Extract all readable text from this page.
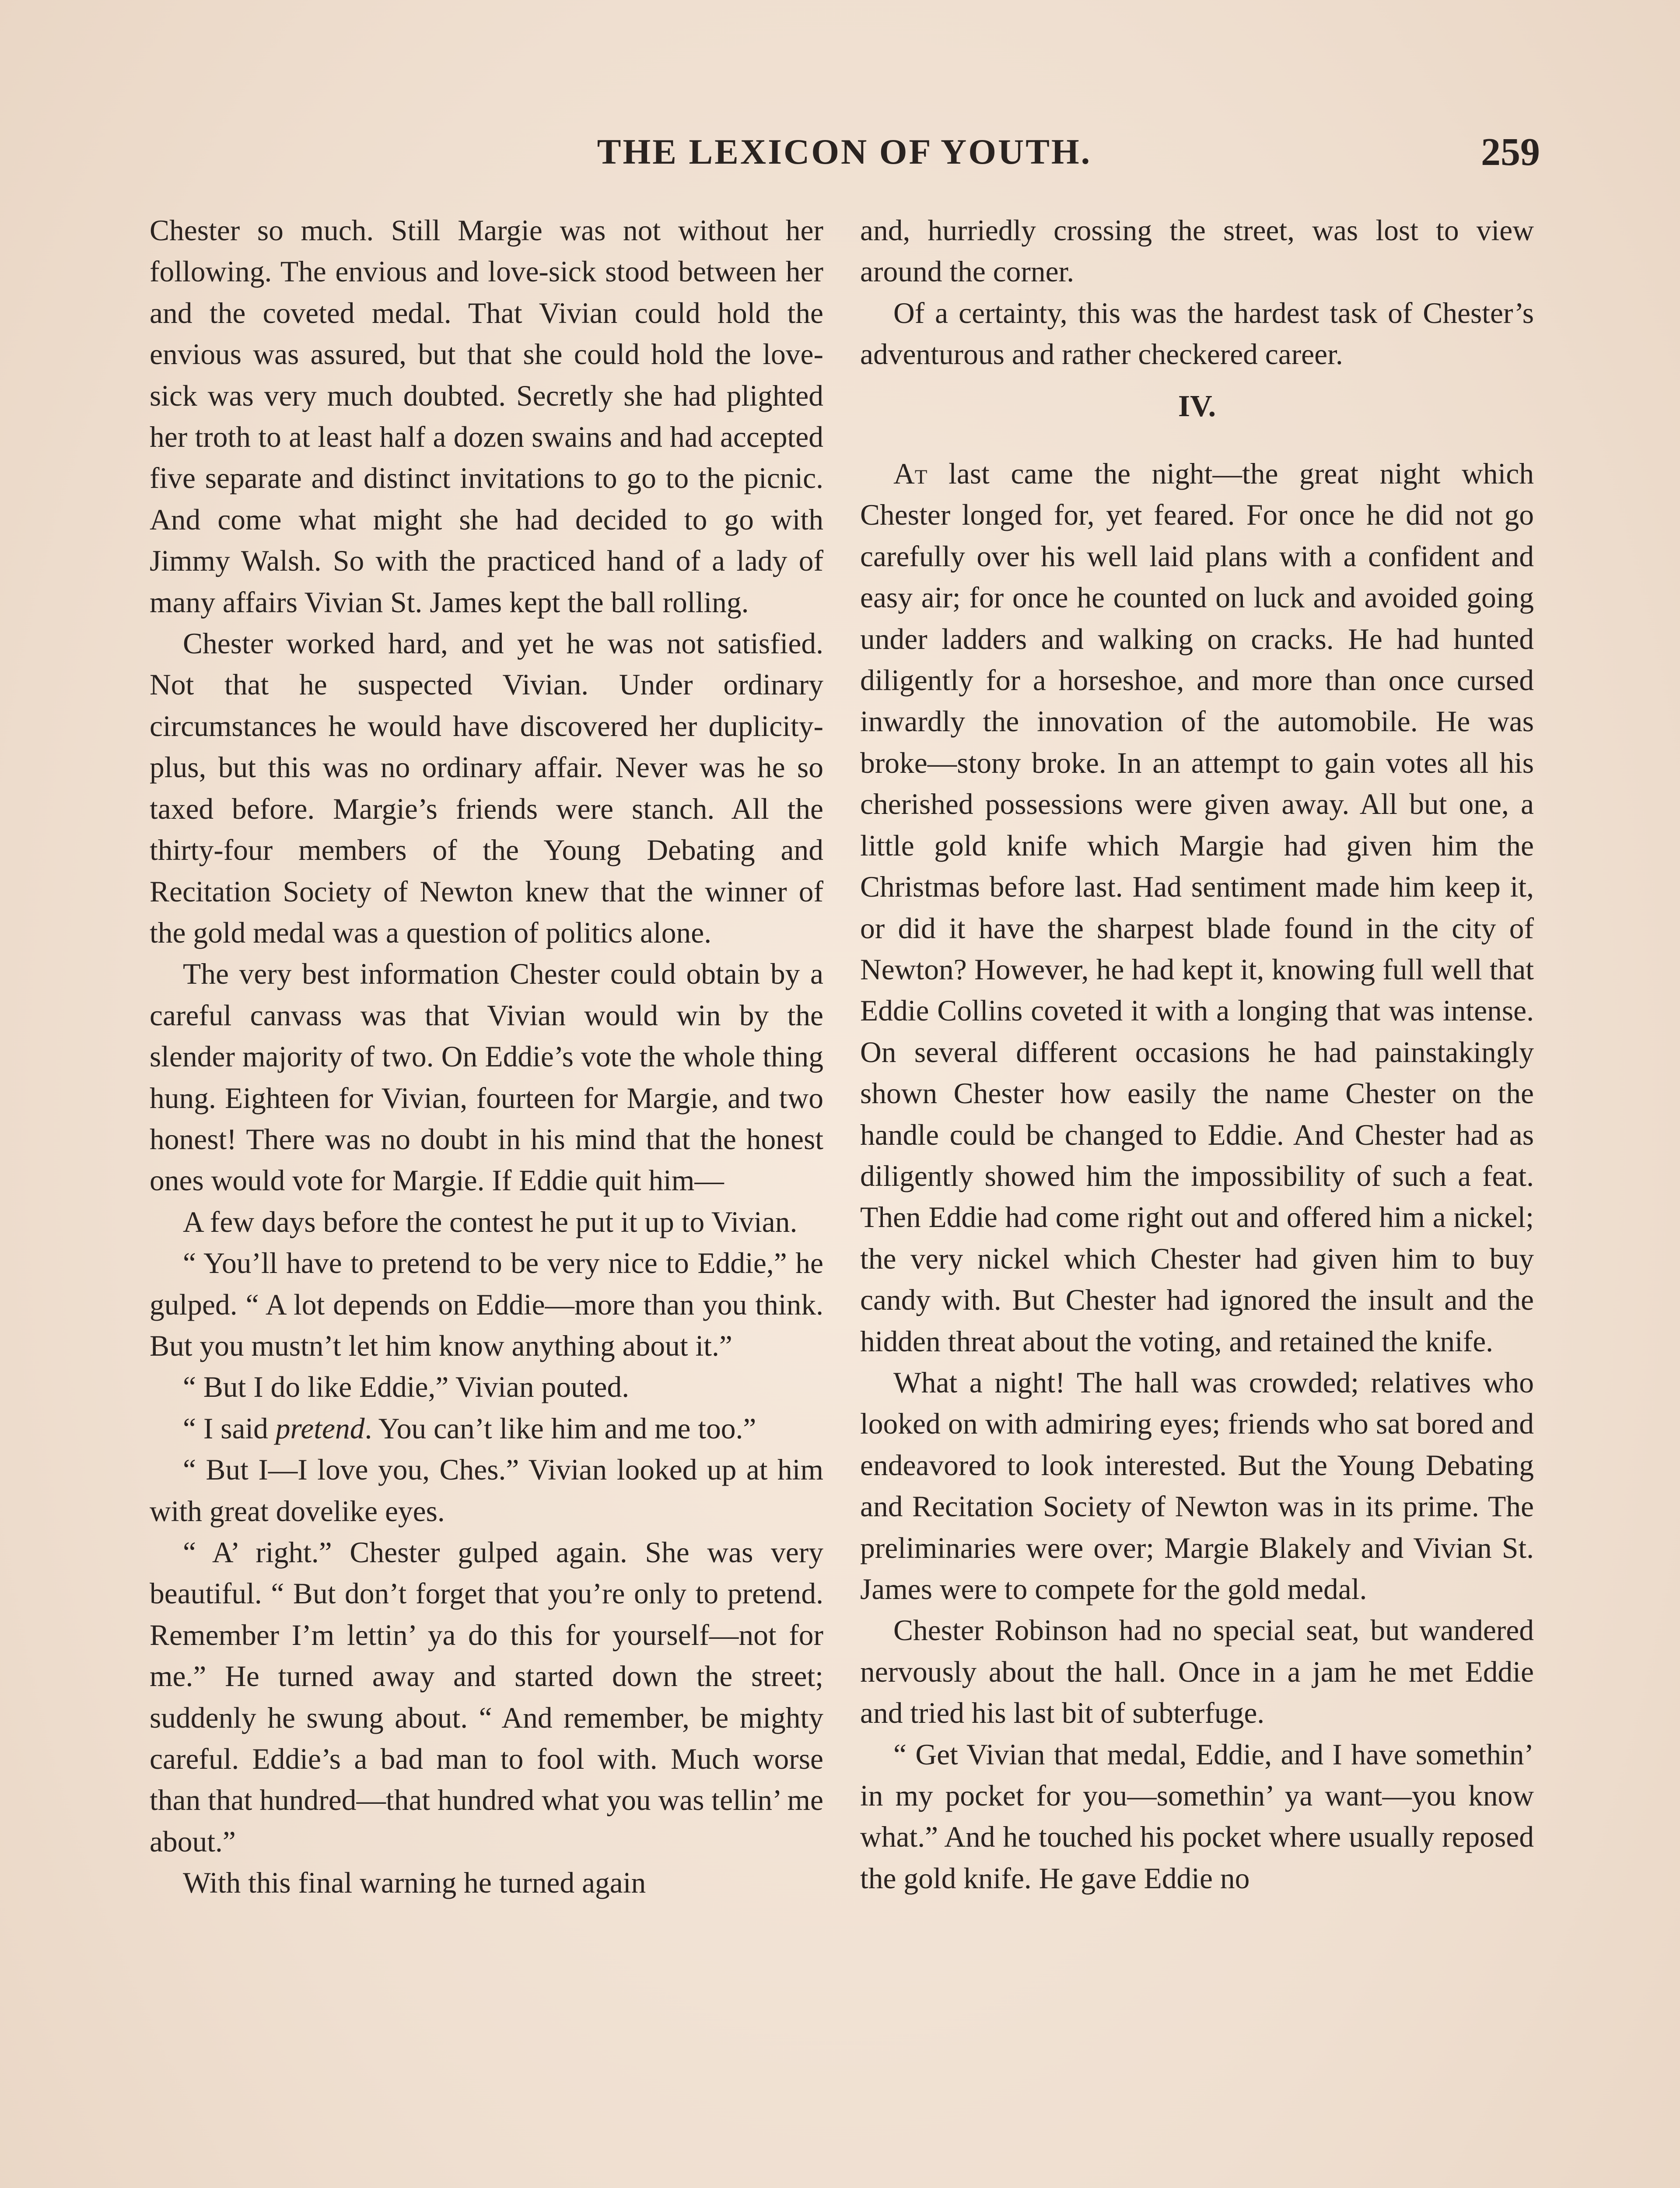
THE LEXICON OF YOUTH.	259

Chester so much. Still Margie was not without her following. The envious and love-sick stood between her and the coveted medal. That Vivian could hold the envious was assured, but that she could hold the love-sick was very much doubted. Secretly she had plighted her troth to at least half a dozen swains and had accepted five separate and distinct invitations to go to the picnic. And come what might she had decided to go with Jimmy Walsh. So with the practiced hand of a lady of many affairs Vivian St. James kept the ball rolling.

Chester worked hard, and yet he was not satisfied. Not that he suspected Vivian. Under ordinary circumstances he would have discovered her duplicity-plus, but this was no ordinary affair. Never was he so taxed before. Margie’s friends were stanch. All the thirty-four members of the Young Debating and Recitation Society of Newton knew that the winner of the gold medal was a question of politics alone.

The very best information Chester could obtain by a careful canvass was that Vivian would win by the slender majority of two. On Eddie’s vote the whole thing hung. Eighteen for Vivian, fourteen for Margie, and two honest! There was no doubt in his mind that the honest ones would vote for Margie. If Eddie quit him—

A few days before the contest he put it up to Vivian.

“ You’ll have to pretend to be very nice to Eddie,” he gulped. “ A lot depends on Eddie—more than you think. But you mustn’t let him know anything about it.”

“ But I do like Eddie,” Vivian pouted.

“ I said pretend. You can’t like him and me too.”

“ But I—I love you, Ches.” Vivian looked up at him with great dovelike eyes.

“ A’ right.” Chester gulped again. She was very beautiful. “ But don’t forget that you’re only to pretend. Remember I’m lettin’ ya do this for yourself—not for me.” He turned away and started down the street; suddenly he swung about. “ And remember, be mighty careful. Eddie’s a bad man to fool with. Much worse than that hundred—that hundred what you was tellin’ me about.”

With this final warning he turned again

and, hurriedly crossing the street, was lost to view around the corner.

Of a certainty, this was the hardest task of Chester’s adventurous and rather checkered career.

IV.

At last came the night—the great night which Chester longed for, yet feared. For once he did not go carefully over his well laid plans with a confident and easy air; for once he counted on luck and avoided going under ladders and walking on cracks. He had hunted diligently for a horseshoe, and more than once cursed inwardly the innovation of the automobile. He was broke—stony broke. In an attempt to gain votes all his cherished possessions were given away. All but one, a little gold knife which Margie had given him the Christmas before last. Had sentiment made him keep it, or did it have the sharpest blade found in the city of Newton? However, he had kept it, knowing full well that Eddie Collins coveted it with a longing that was intense. On several different occasions he had painstakingly shown Chester how easily the name Chester on the handle could be changed to Eddie. And Chester had as diligently showed him the impossibility of such a feat. Then Eddie had come right out and offered him a nickel; the very nickel which Chester had given him to buy candy with. But Chester had ignored the insult and the hidden threat about the voting, and retained the knife.

What a night! The hall was crowded; relatives who looked on with admiring eyes; friends who sat bored and endeavored to look interested. But the Young Debating and Recitation Society of Newton was in its prime. The preliminaries were over; Margie Blakely and Vivian St. James were to compete for the gold medal.

Chester Robinson had no special seat, but wandered nervously about the hall. Once in a jam he met Eddie and tried his last bit of subterfuge.

“ Get Vivian that medal, Eddie, and I have somethin’ in my pocket for you—somethin’ ya want—you know what.” And he touched his pocket where usually reposed the gold knife. He gave Eddie no
